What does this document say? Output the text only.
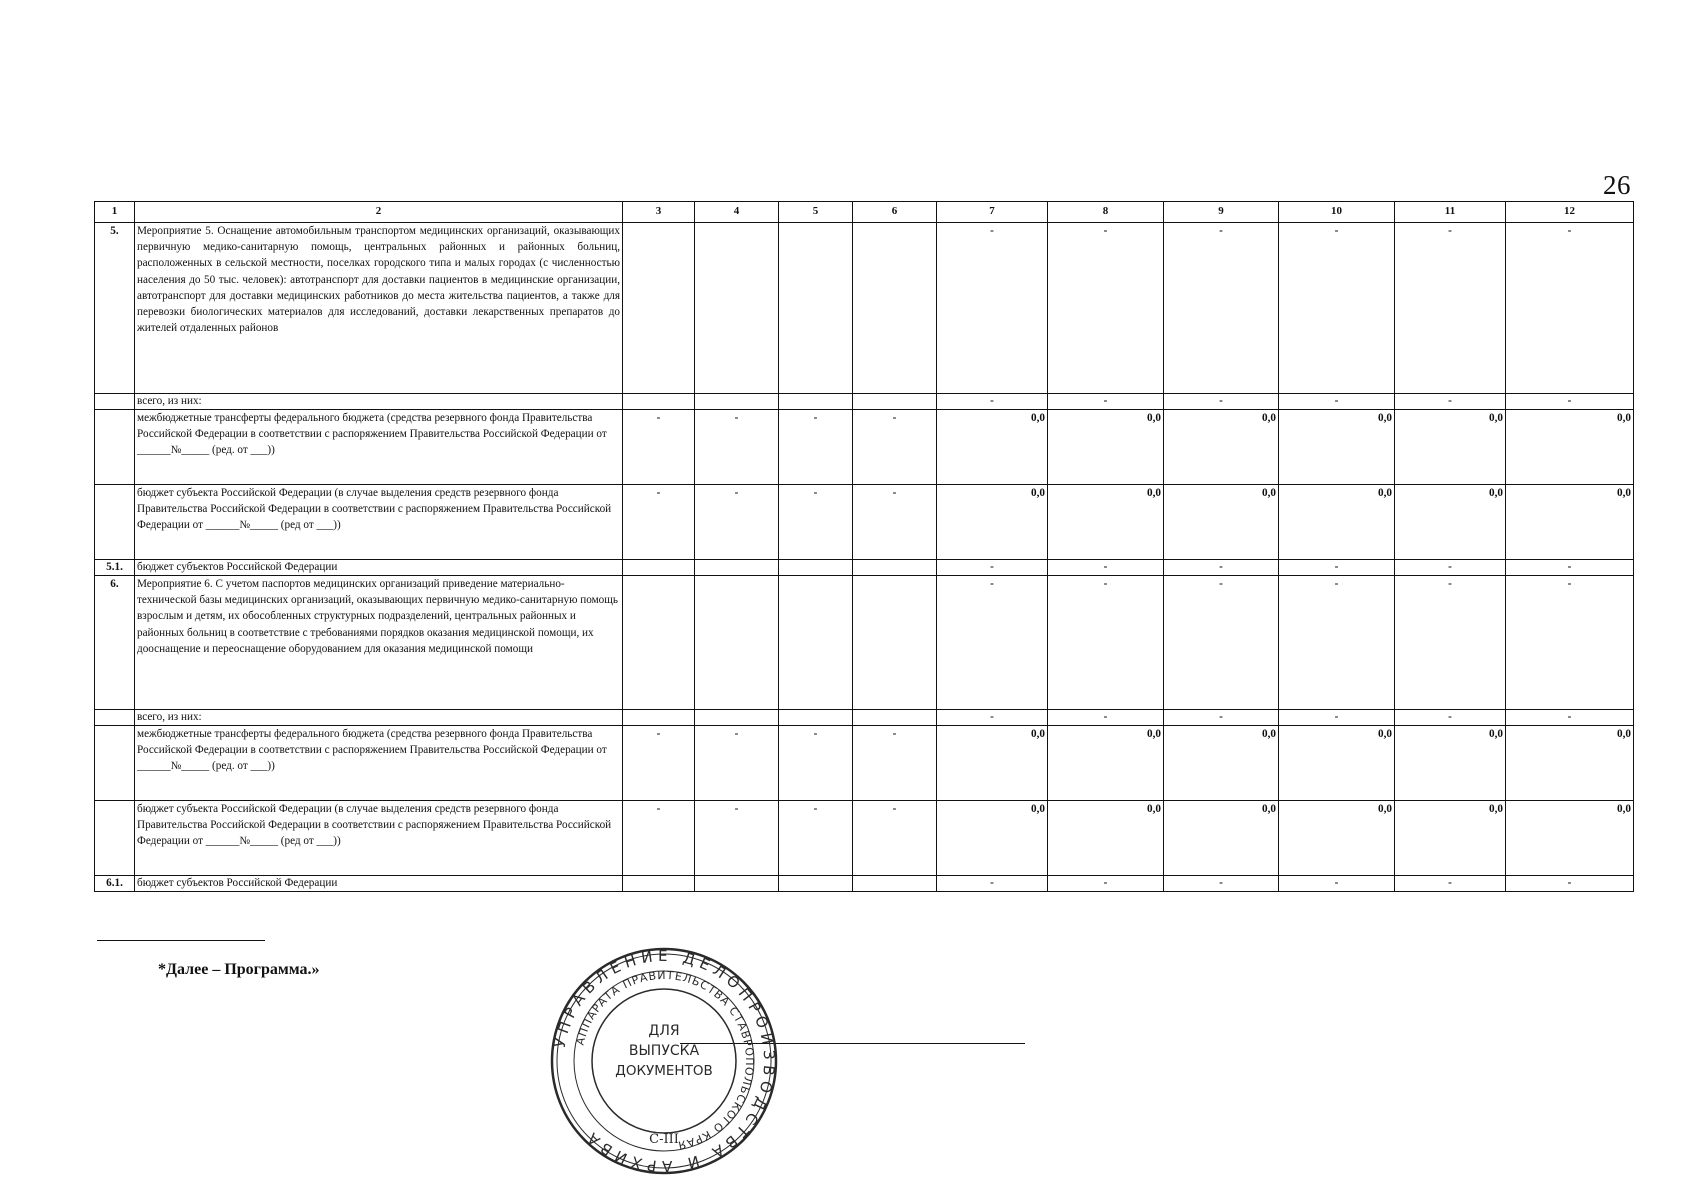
26
1	2	3	4	5	6	7	8	9	10	11	12
5.	Мероприятие 5. Оснащение автомобильным транспортом медицинских организаций, оказывающих первичную медико-санитарную помощь, центральных районных и районных больниц, расположенных в сельской местности, поселках городского типа и малых городах (с численностью населения до 50 тыс. человек): автотранспорт для доставки пациентов в медицинские организации, автотранспорт для доставки медицинских работников до места жительства пациентов, а также для перевозки биологических материалов для исследований, доставки лекарственных препаратов до жителей отдаленных районов					-	-	-	-	-	-
	всего, из них:					-	-	-	-	-	-
	межбюджетные трансферты федерального бюджета (средства резервного фонда Правительства Российской Федерации в соответствии с распоряжением Правительства Российской Федерации от ______№_____ (ред. от ___))	-	-	-	-	0,0	0,0	0,0	0,0	0,0	0,0
	бюджет субъекта Российской Федерации (в случае выделения средств резервного фонда Правительства Российской Федерации в соответствии с распоряжением Правительства Российской Федерации от ______№_____ (ред от ___))	-	-	-	-	0,0	0,0	0,0	0,0	0,0	0,0
5.1.	бюджет субъектов Российской Федерации					-	-	-	-	-	-
6.	Мероприятие 6. С учетом паспортов медицинских организаций приведение материально-технической базы медицинских организаций, оказывающих первичную медико-санитарную помощь взрослым и детям, их обособленных структурных подразделений, центральных районных и районных больниц в соответствие с требованиями порядков оказания медицинской помощи, их дооснащение и переоснащение оборудованием для оказания медицинской помощи					-	-	-	-	-	-
	всего, из них:					-	-	-	-	-	-
	межбюджетные трансферты федерального бюджета (средства резервного фонда Правительства Российской Федерации в соответствии с распоряжением Правительства Российской Федерации от ______№_____ (ред. от ___))	-	-	-	-	0,0	0,0	0,0	0,0	0,0	0,0
	бюджет субъекта Российской Федерации (в случае выделения средств резервного фонда Правительства Российской Федерации в соответствии с распоряжением Правительства Российской Федерации от ______№_____ (ред от ___))	-	-	-	-	0,0	0,0	0,0	0,0	0,0	0,0
6.1.	бюджет субъектов Российской Федерации					-	-	-	-	-	-
*Далее – Программа.»
УПРАВЛЕНИЕ ДЕЛОПРОИЗВОДСТВА И АРХИВА
АППАРАТА ПРАВИТЕЛЬСТВА СТАВРОПОЛЬСКОГО КРАЯ
ДЛЯ
ВЫПУСКА
ДОКУМЕНТОВ
С-III
